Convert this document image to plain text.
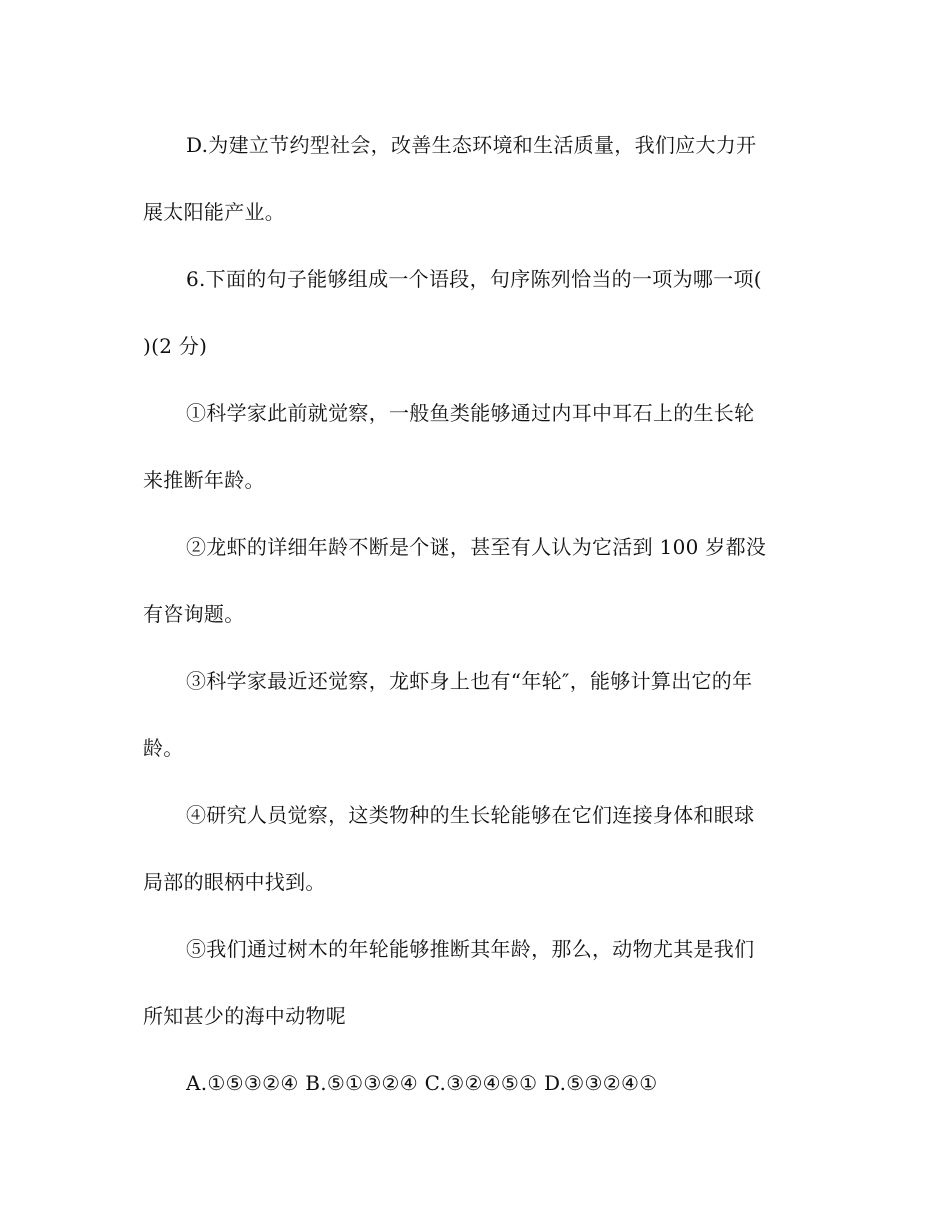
D.为建立节约型社会，改善生态环境和生活质量，我们应大力开
展太阳能产业。
6.下面的句子能够组成一个语段，句序陈列恰当的一项为哪一项(
)(2 分)
①科学家此前就觉察，一般鱼类能够通过内耳中耳石上的生长轮
来推断年龄。
②龙虾的详细年龄不断是个谜，甚至有人认为它活到 100 岁都没
有咨询题。
③科学家最近还觉察，龙虾身上也有“年轮″，能够计算出它的年
龄。
④研究人员觉察，这类物种的生长轮能够在它们连接身体和眼球
局部的眼柄中找到。
⑤我们通过树木的年轮能够推断其年龄，那么，动物尤其是我们
所知甚少的海中动物呢
A.①⑤③②④ B.⑤①③②④ C.③②④⑤① D.⑤③②④①
